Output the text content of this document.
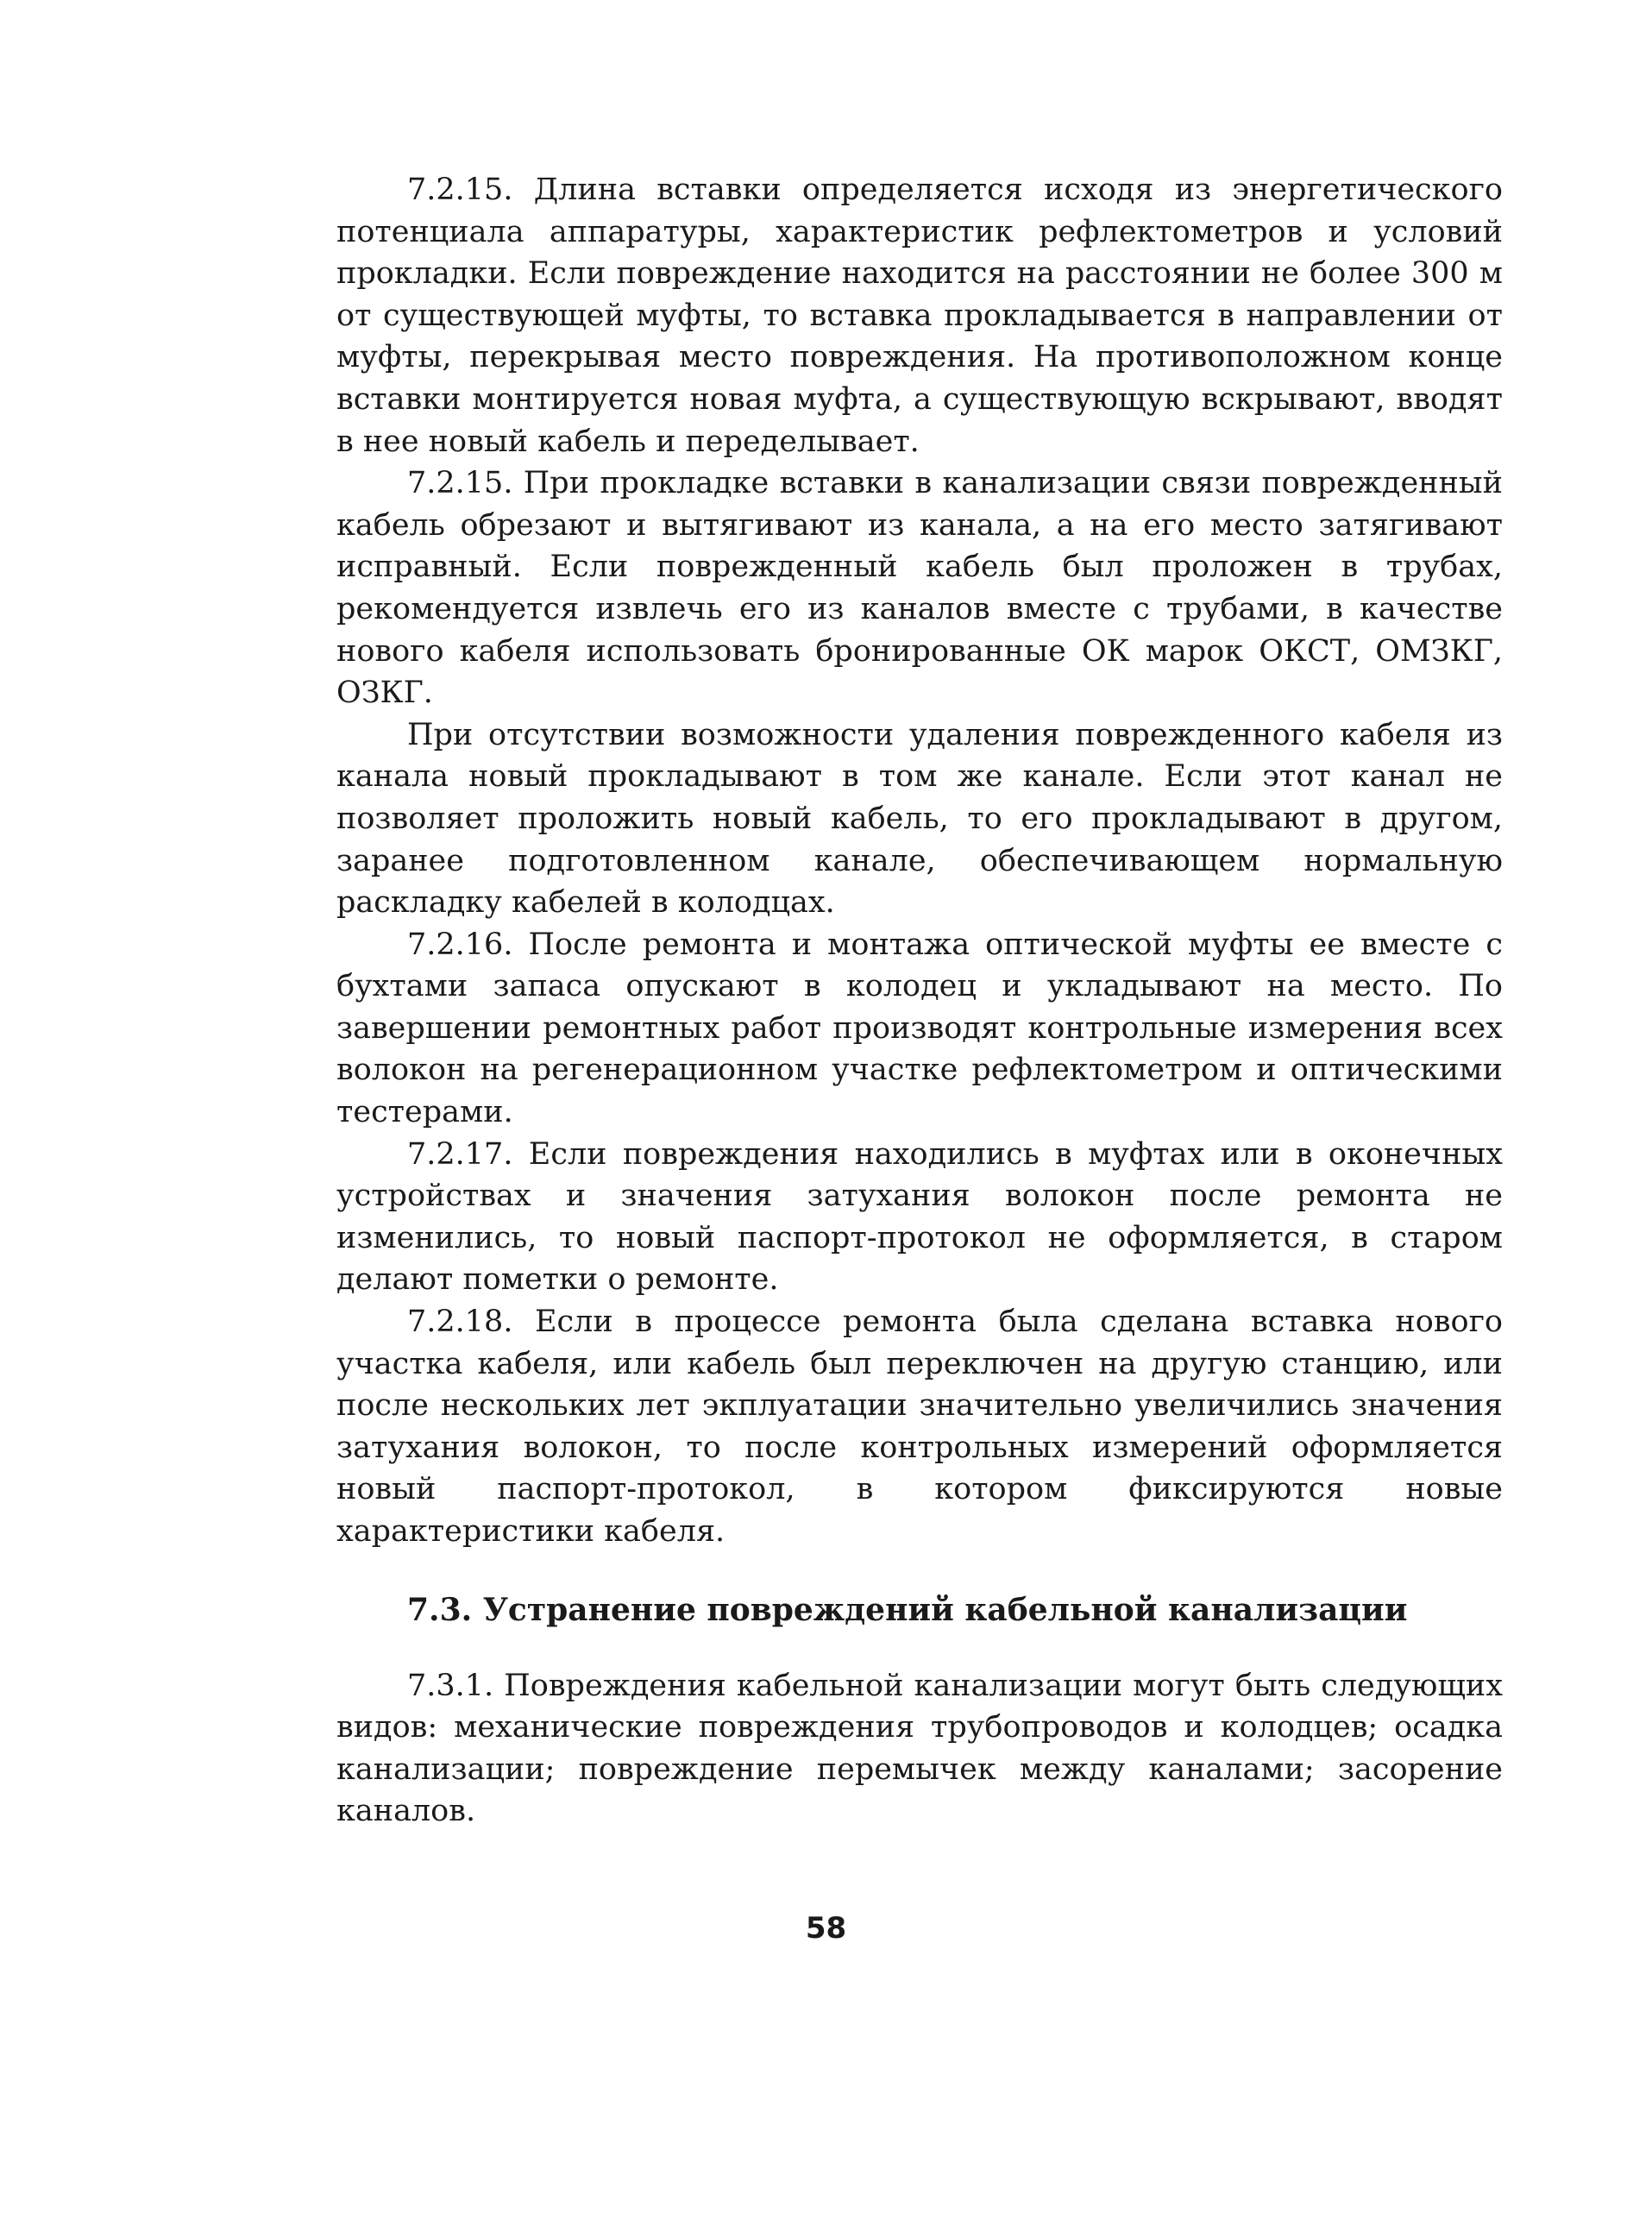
7.2.15. Длина вставки определяется исходя из энергетического потенциала аппаратуры, характеристик рефлектометров и условий прокладки. Если повреждение находится на расстоянии не более 300 м от существующей муфты, то вставка прокладывается в направлении от муфты, перекрывая место повреждения. На противоположном конце вставки монтируется новая муфта, а существующую вскрывают, вводят в нее новый кабель и переделывает.

7.2.15. При прокладке вставки в канализации связи поврежденный кабель обрезают и вытягивают из канала, а на его место затягивают исправный. Если поврежденный кабель был проложен в трубах, рекомендуется извлечь его из каналов вместе с трубами, в качестве нового кабеля использовать бронированные ОК марок ОКСТ, ОМЗКГ, ОЗКГ.

При отсутствии возможности удаления поврежденного кабеля из канала новый прокладывают в том же канале. Если этот канал не позволяет проложить новый кабель, то его прокладывают в другом, заранее подготовленном канале, обеспечивающем нормальную раскладку кабелей в колодцах.

7.2.16. После ремонта и монтажа оптической муфты ее вместе с бухтами запаса опускают в колодец и укладывают на место. По завершении ремонтных работ производят контрольные измерения всех волокон на регенерационном участке рефлектометром и оптическими тестерами.

7.2.17. Если повреждения находились в муфтах или в оконечных устройствах и значения затухания волокон после ремонта не изменились, то новый паспорт-протокол не оформляется, в старом делают пометки о ремонте.

7.2.18. Если в процессе ремонта была сделана вставка нового участка кабеля, или кабель был переключен на другую станцию, или после нескольких лет экплуатации значительно увеличились значения затухания волокон, то после контрольных измерений оформляется новый паспорт-протокол, в котором фиксируются новые характеристики кабеля.

7.3. Устранение повреждений кабельной канализации

7.3.1. Повреждения кабельной канализации могут быть следующих видов: механические повреждения трубопроводов и колодцев; осадка канализации; повреждение перемычек между каналами; засорение каналов.

58
